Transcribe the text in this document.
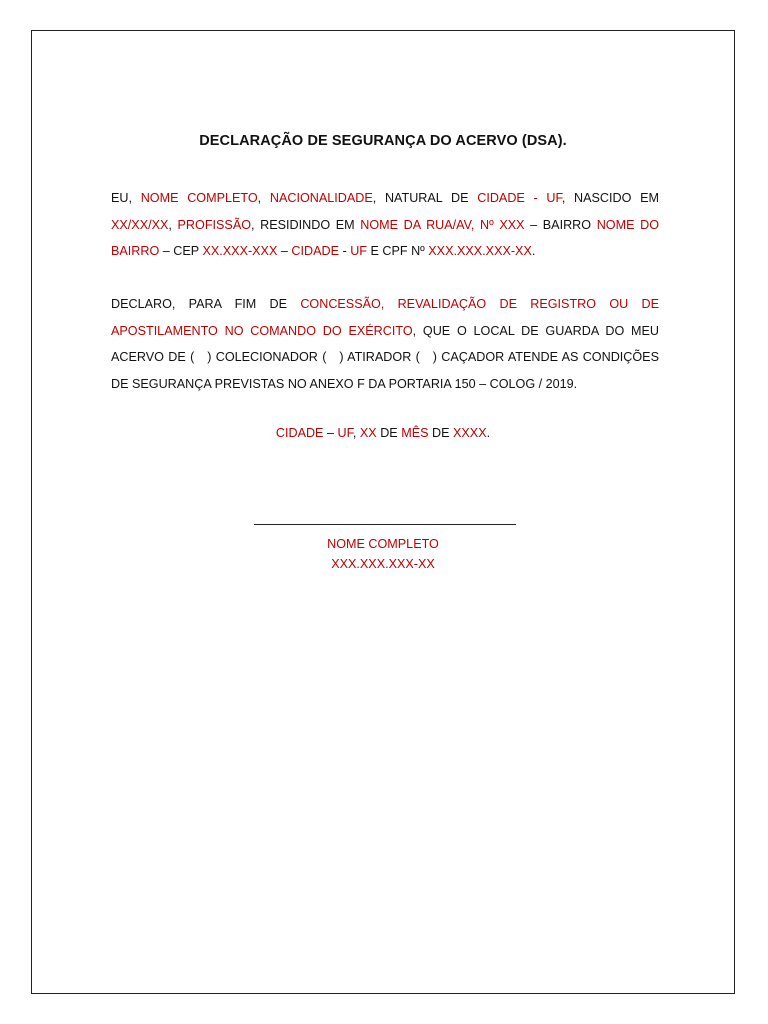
DECLARAÇÃO DE SEGURANÇA DO ACERVO (DSA).
EU, NOME COMPLETO, NACIONALIDADE, NATURAL DE CIDADE - UF, NASCIDO EM XX/XX/XX, PROFISSÃO, RESIDINDO EM NOME DA RUA/AV, Nº XXX – BAIRRO NOME DO BAIRRO – CEP XX.XXX-XXX – CIDADE - UF E CPF Nº XXX.XXX.XXX-XX.
DECLARO, PARA FIM DE CONCESSÃO, REVALIDAÇÃO DE REGISTRO OU DE APOSTILAMENTO NO COMANDO DO EXÉRCITO, QUE O LOCAL DE GUARDA DO MEU ACERVO DE (   ) COLECIONADOR (   ) ATIRADOR (   ) CAÇADOR ATENDE AS CONDIÇÕES DE SEGURANÇA PREVISTAS NO ANEXO F DA PORTARIA 150 – COLOG / 2019.
CIDADE – UF, XX DE MÊS DE XXXX.
NOME COMPLETO
XXX.XXX.XXX-XX
